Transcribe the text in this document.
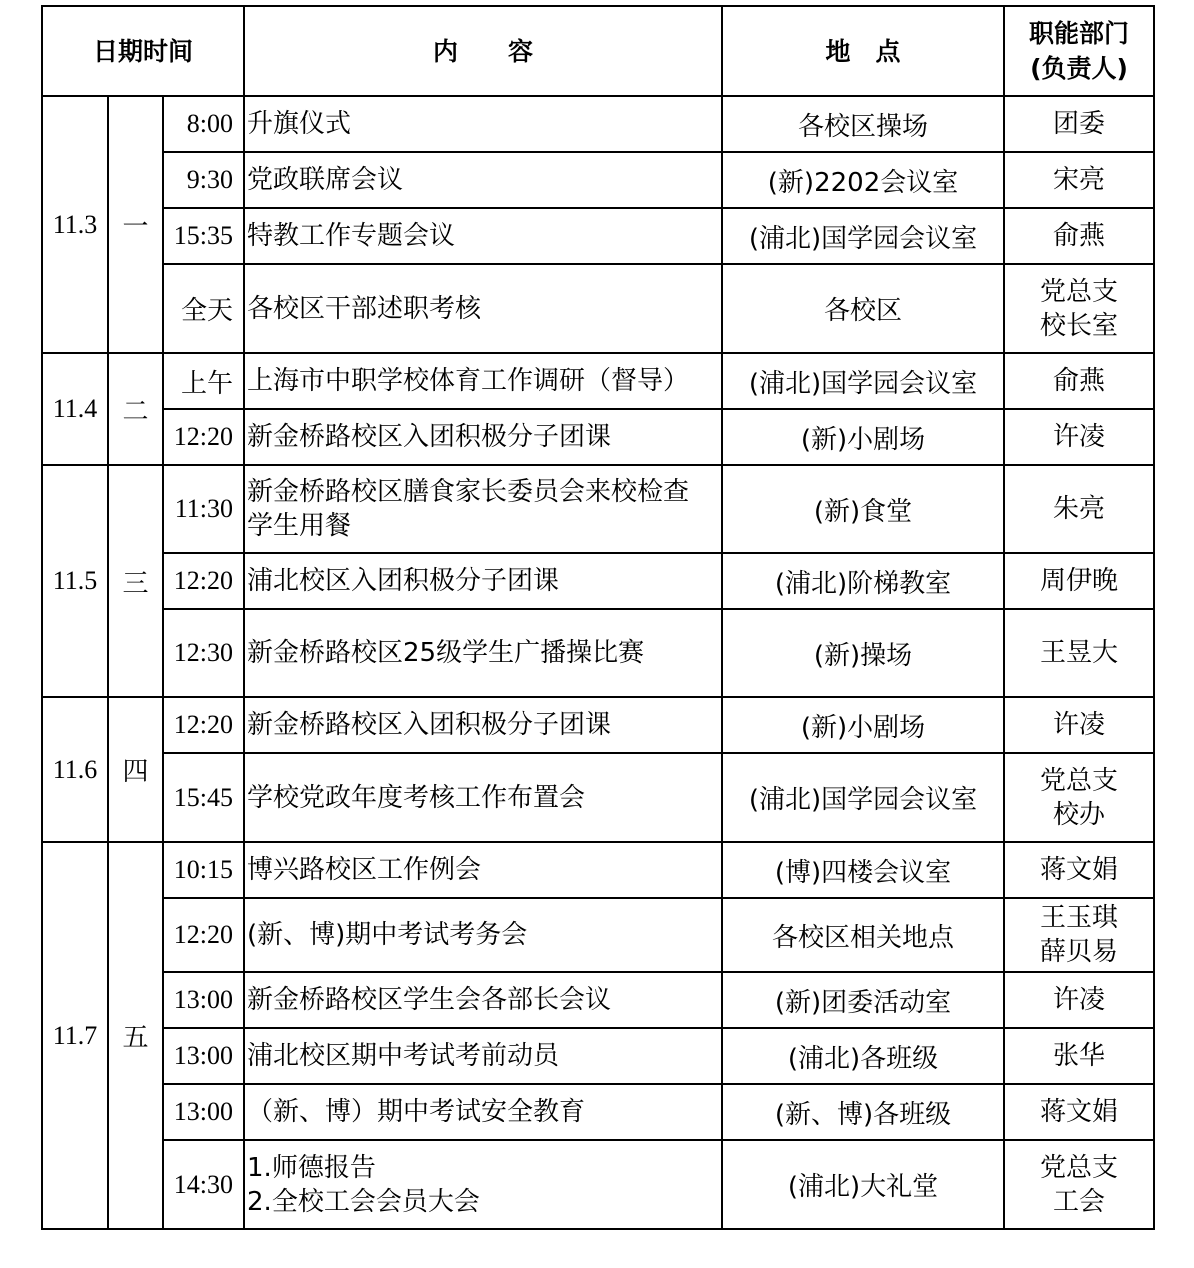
日期时间			内　　容	地　点	职能部门
(负责人)

11.3	一	8:00	升旗仪式	各校区操场	团委
		9:30	党政联席会议	(新)2202会议室	宋亮
		15:35	特教工作专题会议	(浦北)国学园会议室	俞燕
		全天	各校区干部述职考核	各校区	党总支
校长室

11.4	二	上午	上海市中职学校体育工作调研（督导）	(浦北)国学园会议室	俞燕
		12:20	新金桥路校区入团积极分子团课	(新)小剧场	许凌
11.5	三	11:30	新金桥路校区膳食家长委员会来校检查
学生用餐	(新)食堂	朱亮
		12:20	浦北校区入团积极分子团课	(浦北)阶梯教室	周伊晚
		12:30	新金桥路校区25级学生广播操比赛	(新)操场	王昱大
11.6	四	12:20	新金桥路校区入团积极分子团课	(新)小剧场	许凌
		15:45	学校党政年度考核工作布置会	(浦北)国学园会议室	党总支
校办

11.7	五	10:15	博兴路校区工作例会	(博)四楼会议室	蒋文娟
		12:20	(新、博)期中考试考务会	各校区相关地点	王玉琪
薛贝易

		13:00	新金桥路校区学生会各部长会议	(新)团委活动室	许凌
		13:00	浦北校区期中考试考前动员	(浦北)各班级	张华
		13:00	（新、博）期中考试安全教育	(新、博)各班级	蒋文娟
		14:30	1.师德报告
2.全校工会会员大会	(浦北)大礼堂	党总支
工会
